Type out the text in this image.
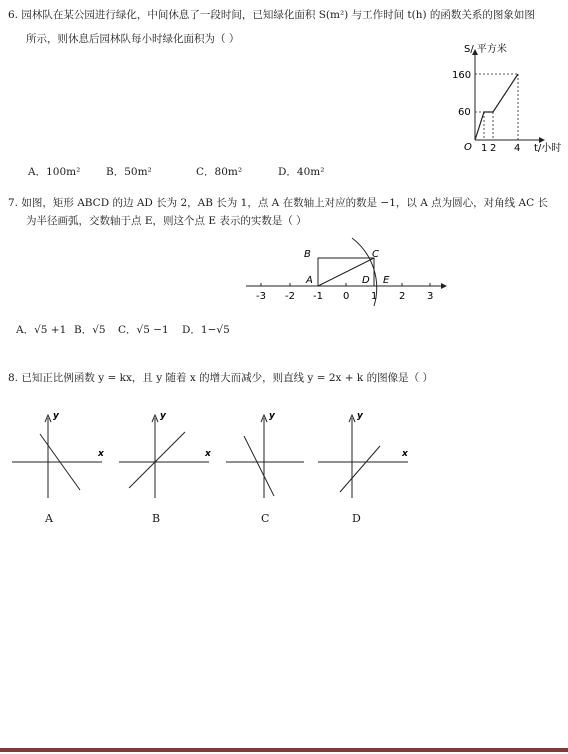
6. 园林队在某公园进行绿化，中间休息了一段时间，已知绿化面积 S(m²) 与工作时间 t(h) 的函数关系的图象如图
所示，则休息后园林队每小时绿化面积为（ ）
S/ 平方米
t/小时
O
160
60
1 2 4
A．100m² B．50m²	C．80m²	D．40m²
7. 如图，矩形 ABCD 的边 AD 长为 2，AB 长为 1，点 A 在数轴上对应的数是 −1，以 A 点为圆心，对角线 AC 长
为半径画弧，交数轴于点 E，则这个点 E 表示的实数是（ ）
-3 -2 -1 0 1 2 3
B	C
A	D E
A．√5 +1 B．√5 C．√5 −1 D．1−√5
8. 已知正比例函数 y = kx，且 y 随着 x 的增大而减少，则直线 y = 2x + k 的图像是（ ）
y
x
A
y
x
B
y
C
y
x
D
